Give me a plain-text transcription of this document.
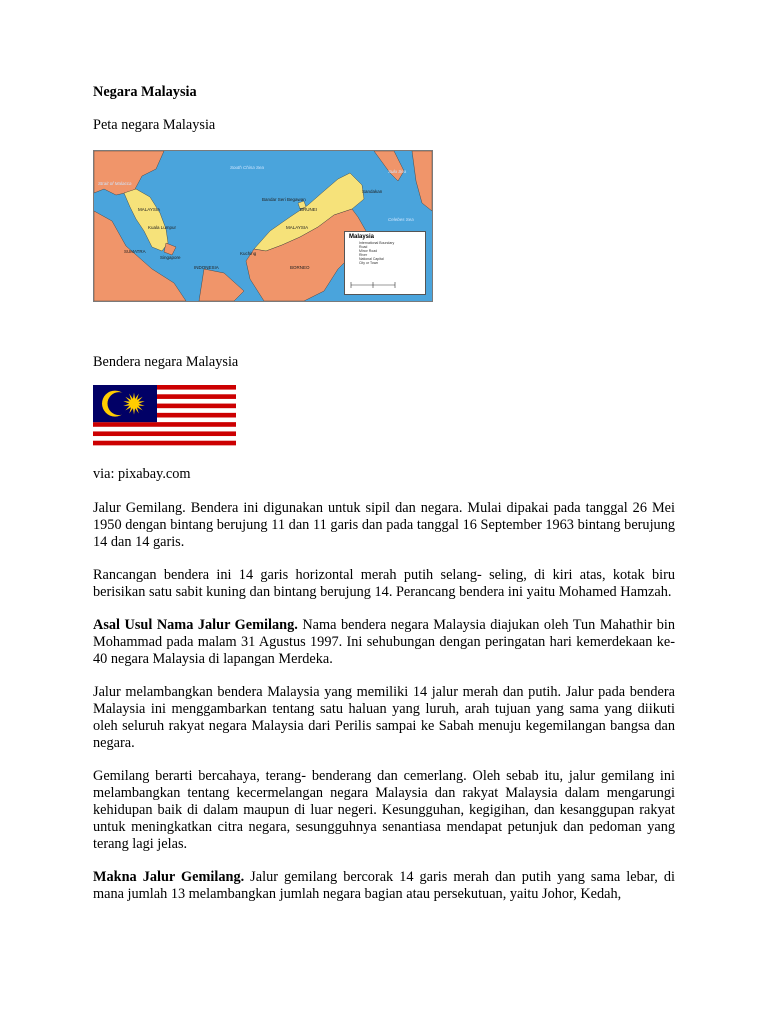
Negara Malaysia
Peta negara Malaysia
South China Sea
Sulu Sea
Celebes Sea
Bandar Seri Begawan
BRUNEI
MALAYSIA
MALAYSIA
INDONESIA	BORNEO
SUMATRA	Kuching
Sandakan
Kuala Lumpur
Singapore
Strait of Malacca
Malaysia
International Boundary
Road
Minor Road
River
National Capital
City or Town
Bendera negara Malaysia
via: pixabay.com

Jalur Gemilang. Bendera ini digunakan untuk sipil dan negara. Mulai dipakai pada tanggal 26 Mei 1950 dengan bintang berujung 11 dan 11 garis dan pada tanggal 16 September 1963 bintang berujung 14 dan 14 garis.

Rancangan bendera ini 14 garis horizontal merah putih selang- seling, di kiri atas, kotak biru berisikan satu sabit kuning dan bintang berujung 14. Perancang bendera ini yaitu Mohamed Hamzah.

Asal Usul Nama Jalur Gemilang. Nama bendera negara Malaysia diajukan oleh Tun Mahathir bin Mohammad pada malam 31 Agustus 1997. Ini sehubungan dengan peringatan hari kemerdekaan ke-40 negara Malaysia di lapangan Merdeka.

Jalur melambangkan bendera Malaysia yang memiliki 14 jalur merah dan putih. Jalur pada bendera Malaysia ini menggambarkan tentang satu haluan yang luruh, arah tujuan yang sama yang diikuti oleh seluruh rakyat negara Malaysia dari Perilis sampai ke Sabah menuju kegemilangan bangsa dan negara.

Gemilang berarti bercahaya, terang- benderang dan cemerlang. Oleh sebab itu, jalur gemilang ini melambangkan tentang kecermelangan negara Malaysia dan rakyat Malaysia dalam mengarungi kehidupan baik di dalam maupun di luar negeri. Kesungguhan, kegigihan, dan kesanggupan rakyat untuk meningkatkan citra negara, sesungguhnya senantiasa mendapat petunjuk dan pedoman yang terang lagi jelas.

Makna Jalur Gemilang. Jalur gemilang bercorak 14 garis merah dan putih yang sama lebar, di mana jumlah 13 melambangkan jumlah negara bagian atau persekutuan, yaitu Johor, Kedah,
